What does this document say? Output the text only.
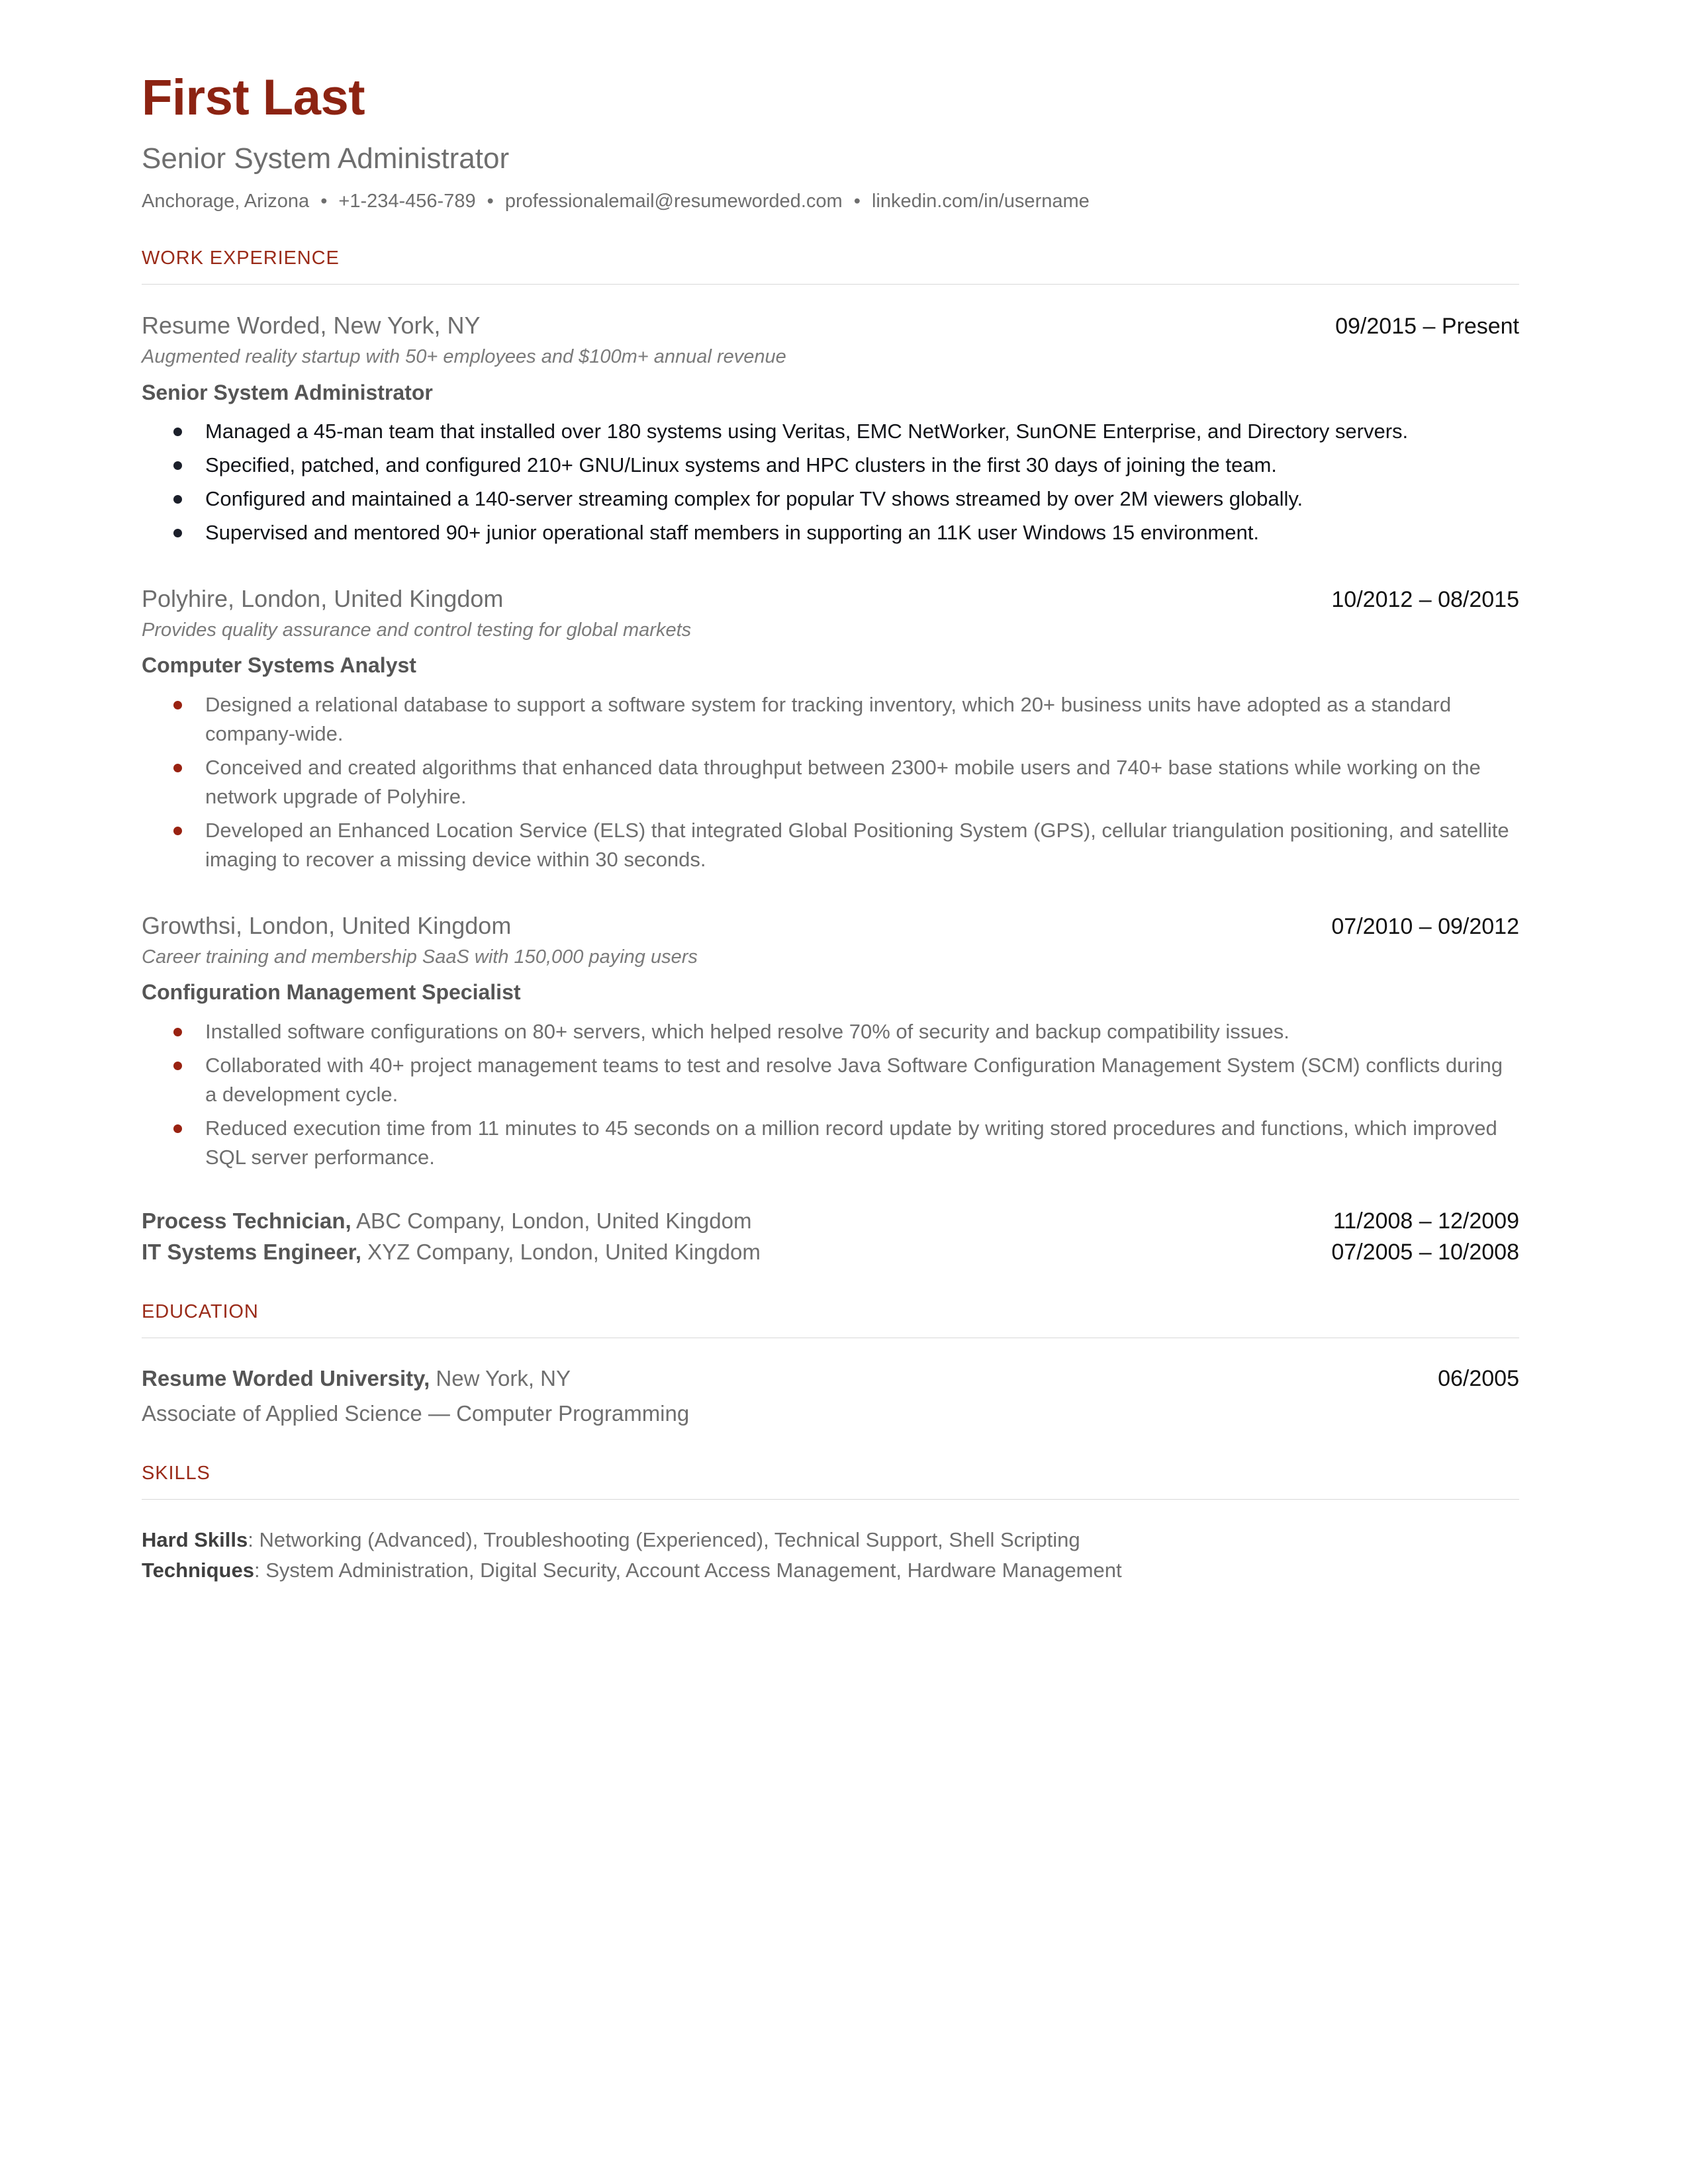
First Last
Senior System Administrator
Anchorage, Arizona • +1-234-456-789 • professionalemail@resumeworded.com • linkedin.com/in/username
WORK EXPERIENCE
Resume Worded, New York, NY	09/2015 – Present
Augmented reality startup with 50+ employees and $100m+ annual revenue
Senior System Administrator
Managed a 45-man team that installed over 180 systems using Veritas, EMC NetWorker, SunONE Enterprise, and Directory servers.
Specified, patched, and configured 210+ GNU/Linux systems and HPC clusters in the first 30 days of joining the team.
Configured and maintained a 140-server streaming complex for popular TV shows streamed by over 2M viewers globally.
Supervised and mentored 90+ junior operational staff members in supporting an 11K user Windows 15 environment.
Polyhire, London, United Kingdom	10/2012 – 08/2015
Provides quality assurance and control testing for global markets
Computer Systems Analyst
Designed a relational database to support a software system for tracking inventory, which 20+ business units have adopted as a standard company-wide.
Conceived and created algorithms that enhanced data throughput between 2300+ mobile users and 740+ base stations while working on the network upgrade of Polyhire.
Developed an Enhanced Location Service (ELS) that integrated Global Positioning System (GPS), cellular triangulation positioning, and satellite imaging to recover a missing device within 30 seconds.
Growthsi, London, United Kingdom	07/2010 – 09/2012
Career training and membership SaaS with 150,000 paying users
Configuration Management Specialist
Installed software configurations on 80+ servers, which helped resolve 70% of security and backup compatibility issues.
Collaborated with 40+ project management teams to test and resolve Java Software Configuration Management System (SCM) conflicts during a development cycle.
Reduced execution time from 11 minutes to 45 seconds on a million record update by writing stored procedures and functions, which improved SQL server performance.
Process Technician, ABC Company, London, United Kingdom	11/2008 – 12/2009
IT Systems Engineer, XYZ Company, London, United Kingdom	07/2005 – 10/2008
EDUCATION
Resume Worded University, New York, NY	06/2005
Associate of Applied Science — Computer Programming
SKILLS
Hard Skills: Networking (Advanced), Troubleshooting (Experienced), Technical Support, Shell Scripting
Techniques: System Administration, Digital Security, Account Access Management, Hardware Management
